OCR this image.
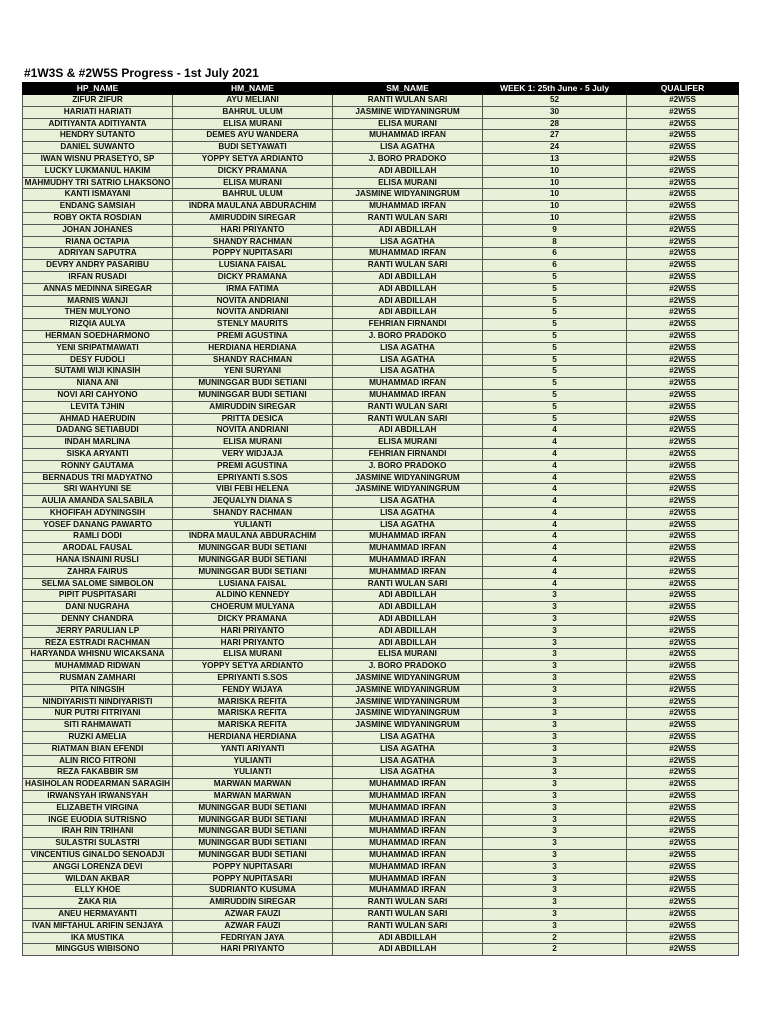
#1W3S & #2W5S Progress - 1st July 2021
HP_NAME	HM_NAME	SM_NAME	WEEK 1: 25th June - 5 July	QUALIFER
ZIFUR ZIFUR	AYU MELIANI	RANTI WULAN SARI	52	#2W5S
HARIATI HARIATI	BAHRUL ULUM	JASMINE WIDYANINGRUM	30	#2W5S
ADITIYANTA ADITIYANTA	ELISA MURANI	ELISA MURANI	28	#2W5S
HENDRY SUTANTO	DEMES AYU WANDERA	MUHAMMAD IRFAN	27	#2W5S
DANIEL SUWANTO	BUDI SETYAWATI	LISA AGATHA	24	#2W5S
IWAN WISNU PRASETYO, SP	YOPPY SETYA ARDIANTO	J. BORO PRADOKO	13	#2W5S
LUCKY LUKMANUL HAKIM	DICKY PRAMANA	ADI ABDILLAH	10	#2W5S
MAHMUDHY TRI SATRIO LHAKSONO	ELISA MURANI	ELISA MURANI	10	#2W5S
KANTI ISMAYANI	BAHRUL ULUM	JASMINE WIDYANINGRUM	10	#2W5S
ENDANG SAMSIAH	INDRA MAULANA ABDURACHIM	MUHAMMAD IRFAN	10	#2W5S
ROBY OKTA ROSDIAN	AMIRUDDIN SIREGAR	RANTI WULAN SARI	10	#2W5S
JOHAN JOHANES	HARI PRIYANTO	ADI ABDILLAH	9	#2W5S
RIANA OCTAPIA	SHANDY RACHMAN	LISA AGATHA	8	#2W5S
ADRIYAN SAPUTRA	POPPY NUPITASARI	MUHAMMAD IRFAN	6	#2W5S
DEVRY ANDRY PASARIBU	LUSIANA FAISAL	RANTI WULAN SARI	6	#2W5S
IRFAN RUSADI	DICKY PRAMANA	ADI ABDILLAH	5	#2W5S
ANNAS MEDINNA SIREGAR	IRMA FATIMA	ADI ABDILLAH	5	#2W5S
MARNIS WANJI	NOVITA ANDRIANI	ADI ABDILLAH	5	#2W5S
THEN MULYONO	NOVITA ANDRIANI	ADI ABDILLAH	5	#2W5S
RIZQIA AULYA	STENLY MAURITS	FEHRIAN FIRNANDI	5	#2W5S
HERMAN SOEDHARMONO	PREMI AGUSTINA	J. BORO PRADOKO	5	#2W5S
YENI SRIPATMAWATI	HERDIANA HERDIANA	LISA AGATHA	5	#2W5S
DESY FUDOLI	SHANDY RACHMAN	LISA AGATHA	5	#2W5S
SUTAMI WIJI KINASIH	YENI SURYANI	LISA AGATHA	5	#2W5S
NIANA ANI	MUNINGGAR BUDI SETIANI	MUHAMMAD IRFAN	5	#2W5S
NOVI ARI CAHYONO	MUNINGGAR BUDI SETIANI	MUHAMMAD IRFAN	5	#2W5S
LEVITA TJHIN	AMIRUDDIN SIREGAR	RANTI WULAN SARI	5	#2W5S
AHMAD HAERUDIN	PRITTA DESICA	RANTI WULAN SARI	5	#2W5S
DADANG SETIABUDI	NOVITA ANDRIANI	ADI ABDILLAH	4	#2W5S
INDAH MARLINA	ELISA MURANI	ELISA MURANI	4	#2W5S
SISKA ARYANTI	VERY WIDJAJA	FEHRIAN FIRNANDI	4	#2W5S
RONNY GAUTAMA	PREMI AGUSTINA	J. BORO PRADOKO	4	#2W5S
BERNADUS TRI MADYATNO	EPRIYANTI S.SOS	JASMINE WIDYANINGRUM	4	#2W5S
SRI WAHYUNI SE	VIBI FEBI HELENA	JASMINE WIDYANINGRUM	4	#2W5S
AULIA AMANDA SALSABILA	JEQUALYN DIANA S	LISA AGATHA	4	#2W5S
KHOFIFAH ADYNINGSIH	SHANDY RACHMAN	LISA AGATHA	4	#2W5S
YOSEF DANANG PAWARTO	YULIANTI	LISA AGATHA	4	#2W5S
RAMLI DODI	INDRA MAULANA ABDURACHIM	MUHAMMAD IRFAN	4	#2W5S
ARODAL FAUSAL	MUNINGGAR BUDI SETIANI	MUHAMMAD IRFAN	4	#2W5S
HANA ISNAINI RUSLI	MUNINGGAR BUDI SETIANI	MUHAMMAD IRFAN	4	#2W5S
ZAHRA FAIRUS	MUNINGGAR BUDI SETIANI	MUHAMMAD IRFAN	4	#2W5S
SELMA SALOME SIMBOLON	LUSIANA FAISAL	RANTI WULAN SARI	4	#2W5S
PIPIT PUSPITASARI	ALDINO KENNEDY	ADI ABDILLAH	3	#2W5S
DANI NUGRAHA	CHOERUM MULYANA	ADI ABDILLAH	3	#2W5S
DENNY CHANDRA	DICKY PRAMANA	ADI ABDILLAH	3	#2W5S
JERRY PARULIAN LP	HARI PRIYANTO	ADI ABDILLAH	3	#2W5S
REZA ESTRADI RACHMAN	HARI PRIYANTO	ADI ABDILLAH	3	#2W5S
HARYANDA WHISNU WICAKSANA	ELISA MURANI	ELISA MURANI	3	#2W5S
MUHAMMAD RIDWAN	YOPPY SETYA ARDIANTO	J. BORO PRADOKO	3	#2W5S
RUSMAN ZAMHARI	EPRIYANTI S.SOS	JASMINE WIDYANINGRUM	3	#2W5S
PITA NINGSIH	FENDY WIJAYA	JASMINE WIDYANINGRUM	3	#2W5S
NINDIYARISTI NINDIYARISTI	MARISKA REFITA	JASMINE WIDYANINGRUM	3	#2W5S
NUR PUTRI FITRIYANI	MARISKA REFITA	JASMINE WIDYANINGRUM	3	#2W5S
SITI RAHMAWATI	MARISKA REFITA	JASMINE WIDYANINGRUM	3	#2W5S
RUZKI AMELIA	HERDIANA HERDIANA	LISA AGATHA	3	#2W5S
RIATMAN BIAN EFENDI	YANTI ARIYANTI	LISA AGATHA	3	#2W5S
ALIN RICO FITRONI	YULIANTI	LISA AGATHA	3	#2W5S
REZA FAKABBIR SM	YULIANTI	LISA AGATHA	3	#2W5S
HASIHOLAN RODEARMAN SARAGIH	MARWAN MARWAN	MUHAMMAD IRFAN	3	#2W5S
IRWANSYAH IRWANSYAH	MARWAN MARWAN	MUHAMMAD IRFAN	3	#2W5S
ELIZABETH VIRGINA	MUNINGGAR BUDI SETIANI	MUHAMMAD IRFAN	3	#2W5S
INGE EUODIA SUTRISNO	MUNINGGAR BUDI SETIANI	MUHAMMAD IRFAN	3	#2W5S
IRAH RIN TRIHANI	MUNINGGAR BUDI SETIANI	MUHAMMAD IRFAN	3	#2W5S
SULASTRI SULASTRI	MUNINGGAR BUDI SETIANI	MUHAMMAD IRFAN	3	#2W5S
VINCENTIUS GINALDO SENOADJI	MUNINGGAR BUDI SETIANI	MUHAMMAD IRFAN	3	#2W5S
ANGGI LORENZA DEVI	POPPY NUPITASARI	MUHAMMAD IRFAN	3	#2W5S
WILDAN AKBAR	POPPY NUPITASARI	MUHAMMAD IRFAN	3	#2W5S
ELLY KHOE	SUDRIANTO KUSUMA	MUHAMMAD IRFAN	3	#2W5S
ZAKA RIA	AMIRUDDIN SIREGAR	RANTI WULAN SARI	3	#2W5S
ANEU HERMAYANTI	AZWAR FAUZI	RANTI WULAN SARI	3	#2W5S
IVAN MIFTAHUL ARIFIN SENJAYA	AZWAR FAUZI	RANTI WULAN SARI	3	#2W5S
IKA MUSTIKA	FEDRIYAN JAYA	ADI ABDILLAH	2	#2W5S
MINGGUS WIBISONO	HARI PRIYANTO	ADI ABDILLAH	2	#2W5S
